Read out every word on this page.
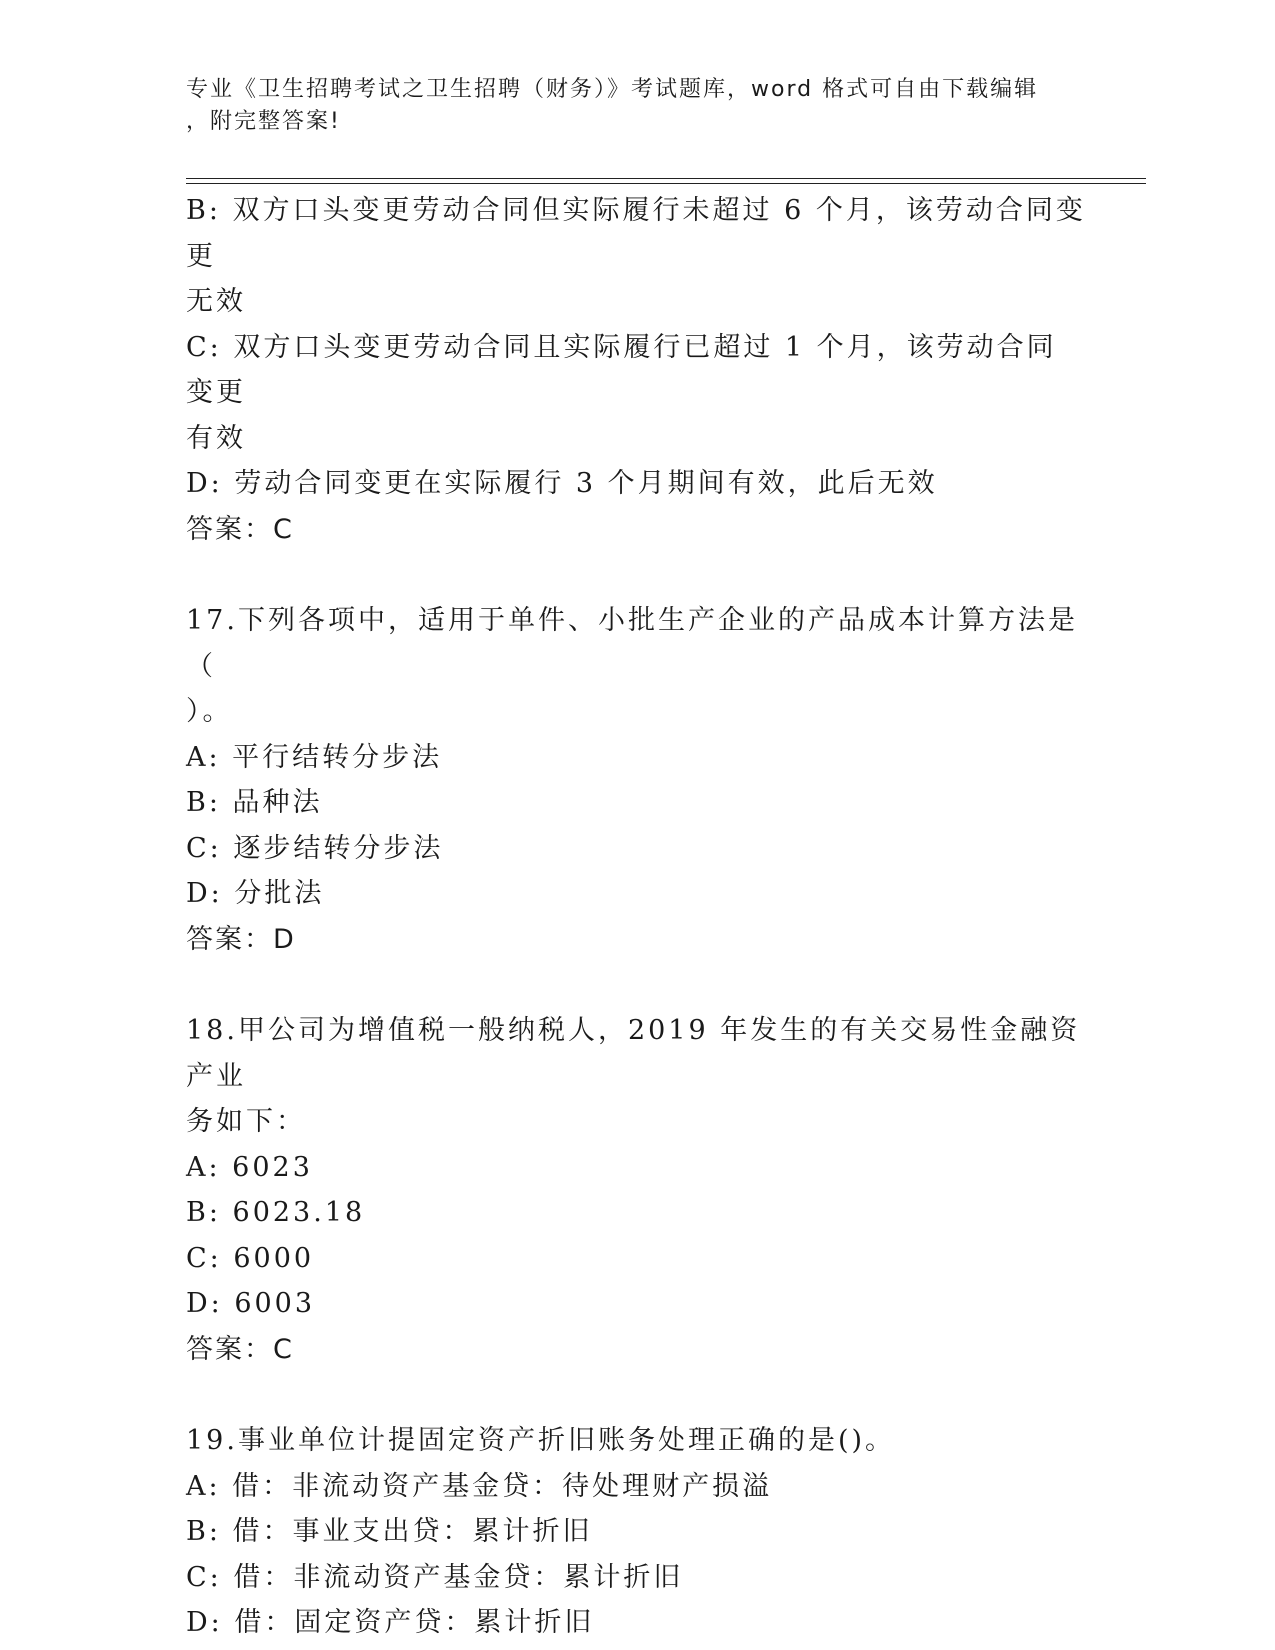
专业《卫生招聘考试之卫生招聘（财务）》考试题库，word 格式可自由下载编辑
，附完整答案!
B: 双方口头变更劳动合同但实际履行未超过 6 个月，该劳动合同变更
无效
C: 双方口头变更劳动合同且实际履行已超过 1 个月，该劳动合同变更
有效
D: 劳动合同变更在实际履行 3 个月期间有效，此后无效
答案：C
17.下列各项中，适用于单件、小批生产企业的产品成本计算方法是（
）。
A: 平行结转分步法
B: 品种法
C: 逐步结转分步法
D: 分批法
答案：D
18.甲公司为增值税一般纳税人，2019 年发生的有关交易性金融资产业
务如下：
A: 6023
B: 6023.18
C: 6000
D: 6003
答案：C
19.事业单位计提固定资产折旧账务处理正确的是()。
A: 借：非流动资产基金贷：待处理财产损溢
B: 借：事业支出贷：累计折旧
C: 借：非流动资产基金贷：累计折旧
D: 借：固定资产贷：累计折旧
